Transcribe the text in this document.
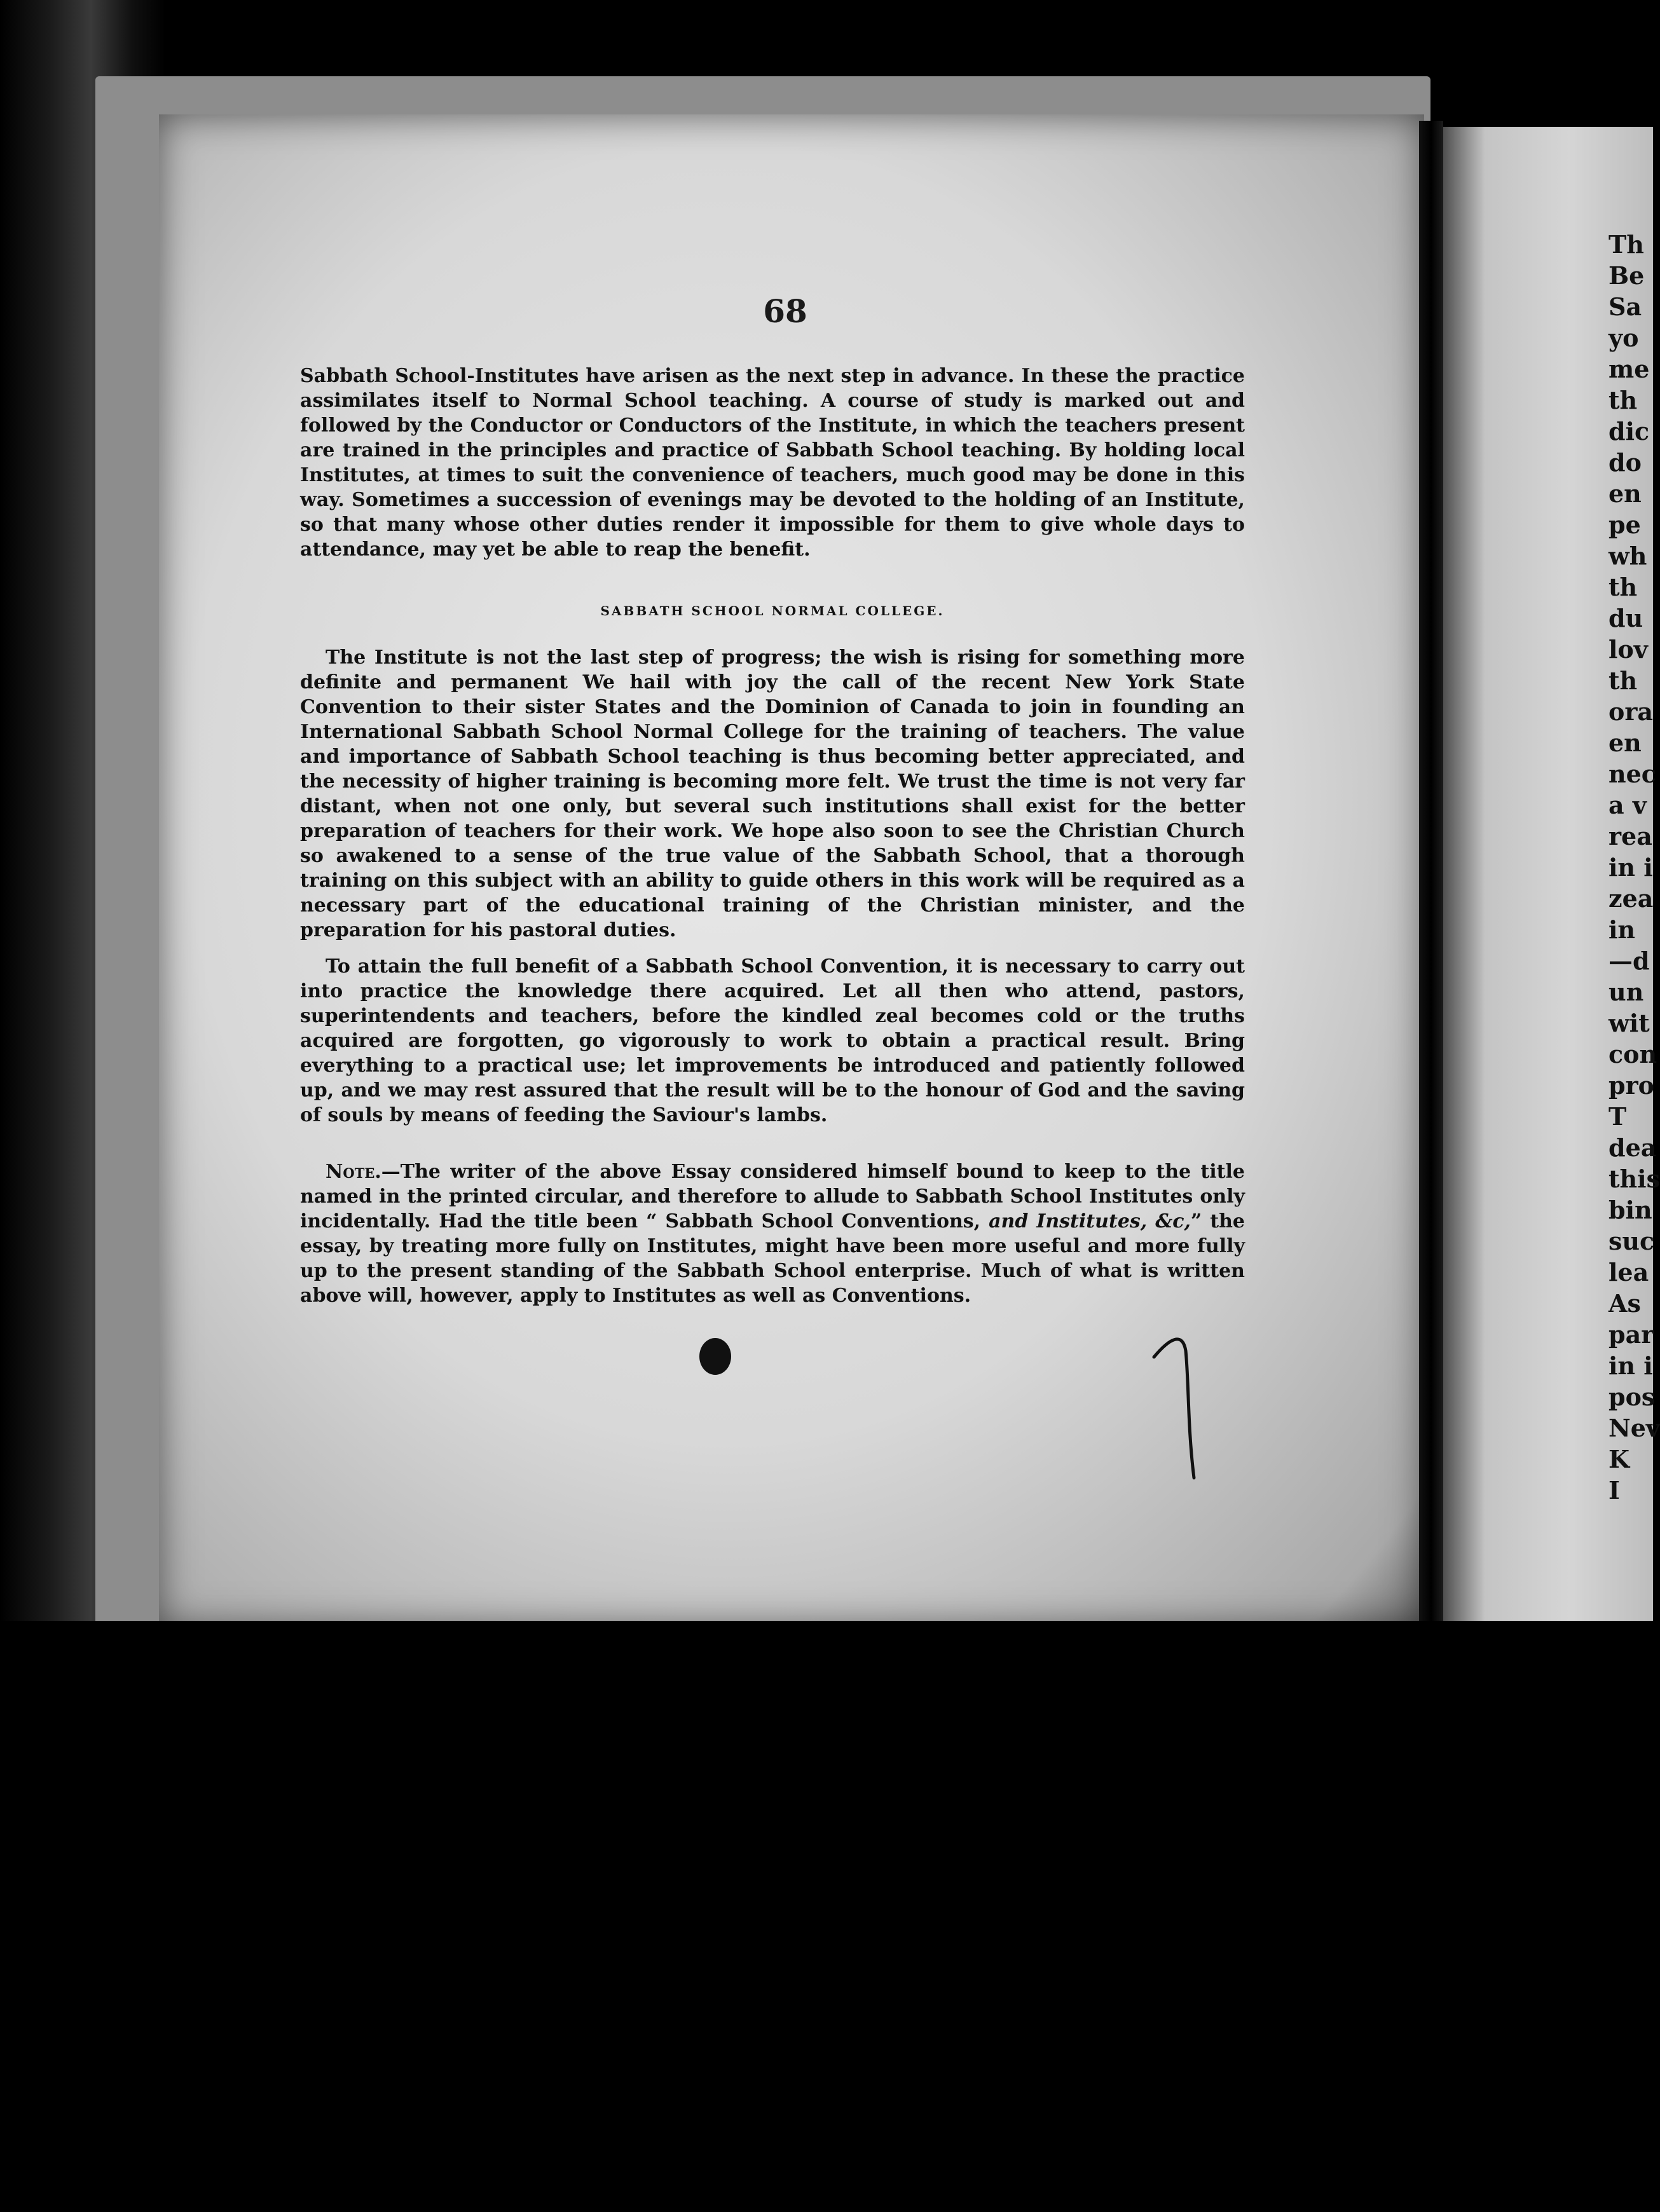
Th
Be
Sa
yo
me
th
dic
do
en
pe
wh
th
du
lov
th
ora
en
nec
a v
rea
in i
zea
in
—d
un
wit
con
pro
T
dea
this
bin
suc
lea
As
par
in i
pos
Nev
K
I
68

Sabbath School-Institutes have arisen as the next step in advance. In these the practice assimilates itself to Normal School teaching. A course of study is marked out and followed by the Conductor or Conductors of the Institute, in which the teachers present are trained in the principles and practice of Sabbath School teaching. By holding local Institutes, at times to suit the convenience of teachers, much good may be done in this way. Sometimes a succession of evenings may be devoted to the holding of an Institute, so that many whose other duties render it impossible for them to give whole days to attendance, may yet be able to reap the benefit.

SABBATH SCHOOL NORMAL COLLEGE.

The Institute is not the last step of progress; the wish is rising for something more definite and permanent We hail with joy the call of the recent New York State Convention to their sister States and the Dominion of Canada to join in founding an International Sabbath School Normal College for the training of teachers. The value and importance of Sabbath School teaching is thus becoming better appreciated, and the necessity of higher training is becoming more felt. We trust the time is not very far distant, when not one only, but several such institutions shall exist for the better preparation of teachers for their work. We hope also soon to see the Christian Church so awakened to a sense of the true value of the Sabbath School, that a thorough training on this subject with an ability to guide others in this work will be required as a necessary part of the educational training of the Christian minister, and the preparation for his pastoral duties.

To attain the full benefit of a Sabbath School Convention, it is necessary to carry out into practice the knowledge there acquired. Let all then who attend, pastors, superintendents and teachers, before the kindled zeal becomes cold or the truths acquired are forgotten, go vigorously to work to obtain a practical result. Bring everything to a practical use; let improvements be introduced and patiently followed up, and we may rest assured that the result will be to the honour of God and the saving of souls by means of feeding the Saviour's lambs.

Note.—The writer of the above Essay considered himself bound to keep to the title named in the printed circular, and therefore to allude to Sabbath School Institutes only incidentally. Had the title been “ Sabbath School Conventions, and Institutes, &c,” the essay, by treating more fully on Institutes, might have been more useful and more fully up to the present standing of the Sabbath School enterprise. Much of what is written above will, however, apply to Institutes as well as Conventions.
